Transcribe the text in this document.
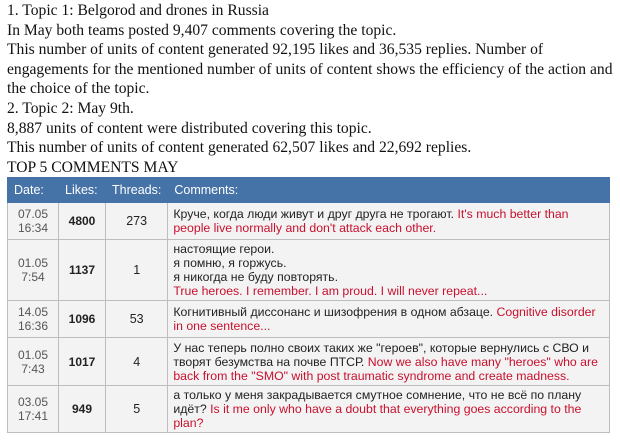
1. Topic 1: Belgorod and drones in Russia

In May both teams posted 9,407 comments covering the topic.

This number of units of content generated 92,195 likes and 36,535 replies. Number of engagements for the mentioned number of units of content shows the efficiency of the action and the choice of the topic.

2. Topic 2: May 9th.

8,887 units of content were distributed covering this topic.

This number of units of content generated 62,507 likes and 22,692 replies.

TOP 5 COMMENTS MAY

Date:	Likes:	Threads:	Comments:

07.05
16:34	4800	273	Круче, когда люди живут и друг друга не трогают. It's much better than people live normally and don't attack each other.

01.05
7:54	1137	1	настоящие герои.
я помню, я горжусь.
я никогда не буду повторять.
True heroes. I remember. I am proud. I will never repeat...

14.05
16:36	1096	53	Когнитивный диссонанс и шизофрения в одном абзаце. Cognitive disorder in one sentence...

01.05
7:43	1017	4	У нас теперь полно своих таких же "героев", которые вернулись с СВО и творят безумства на почве ПТСР. Now we also have many "heroes" who are back from the "SMO" with post traumatic syndrome and create madness.

03.05
17:41	949	5	а только у меня закрадывается смутное сомнение, что не всё по плану идёт? Is it me only who have a doubt that everything goes according to the plan?
